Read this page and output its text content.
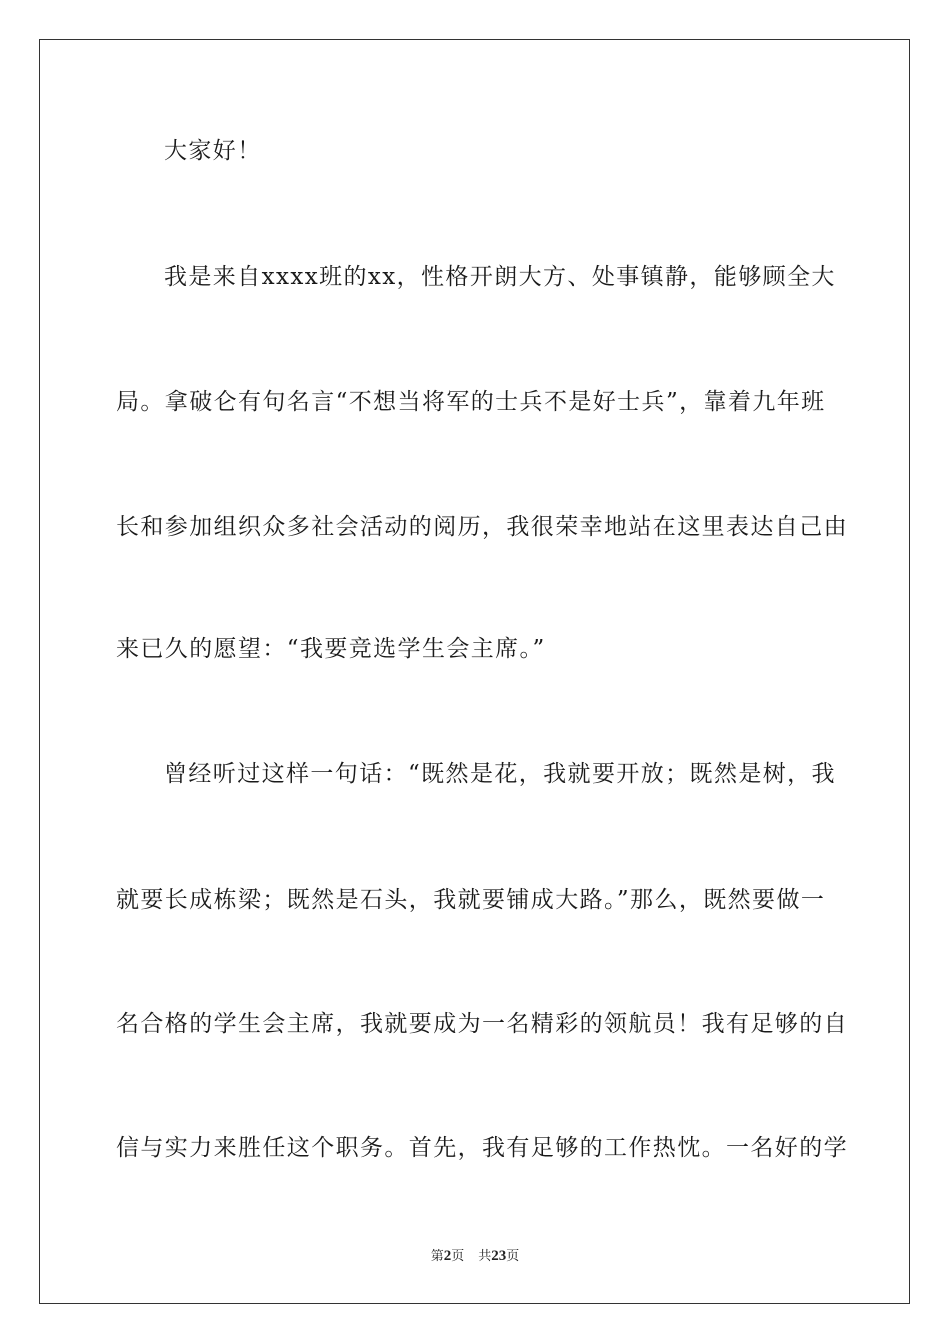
大家好！
我是来自xxxx班的xx，性格开朗大方、处事镇静，能够顾全大
局。拿破仑有句名言“不想当将军的士兵不是好士兵”，靠着九年班
长和参加组织众多社会活动的阅历，我很荣幸地站在这里表达自己由
来已久的愿望：“我要竞选学生会主席。”
曾经听过这样一句话：“既然是花，我就要开放；既然是树，我
就要长成栋梁；既然是石头，我就要铺成大路。”那么，既然要做一
名合格的学生会主席，我就要成为一名精彩的领航员！我有足够的自
信与实力来胜任这个职务。首先，我有足够的工作热忱。一名好的学
第2页 共23页
